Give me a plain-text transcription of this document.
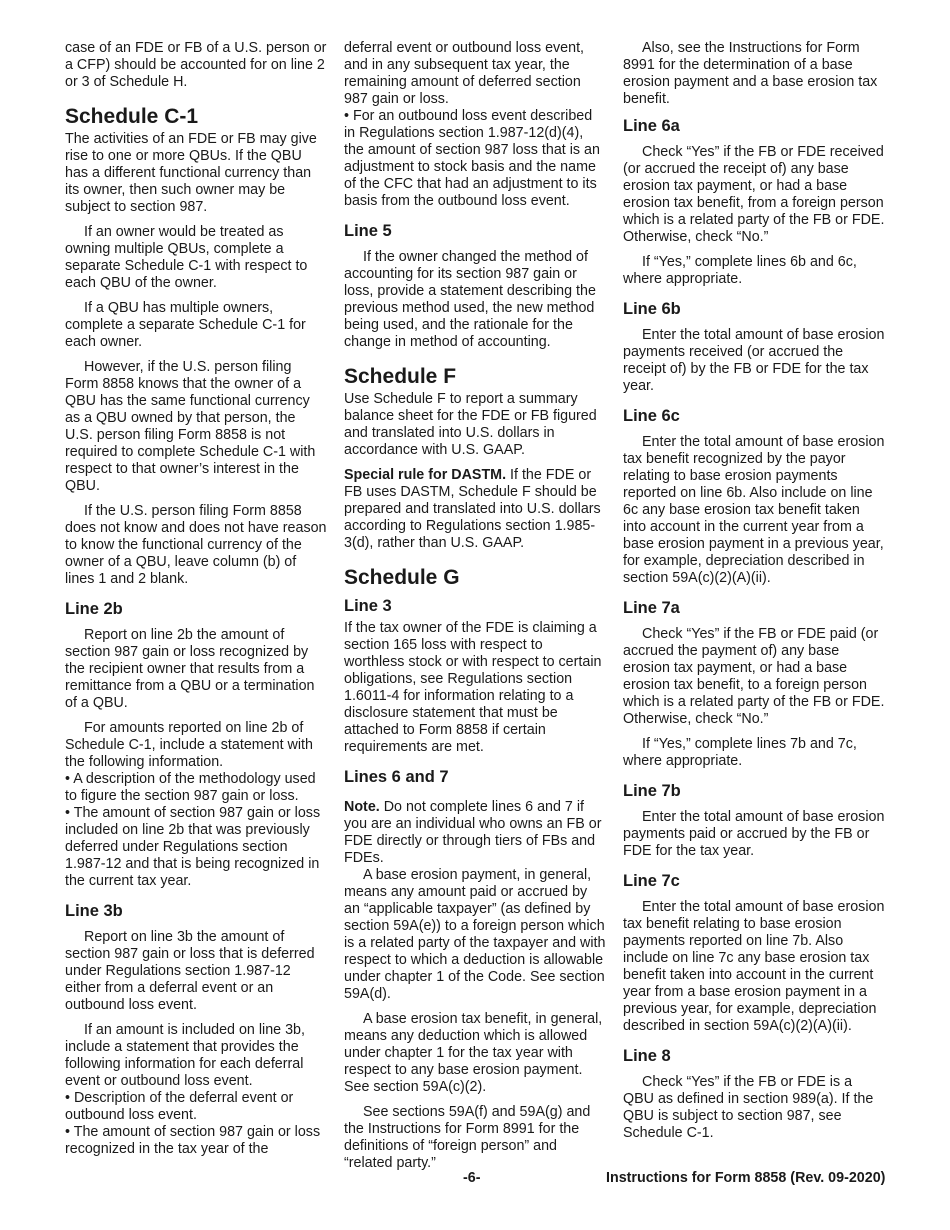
case of an FDE or FB of a U.S. person or a CFP) should be accounted for on line 2 or 3 of Schedule H.

Schedule C-1

The activities of an FDE or FB may give rise to one or more QBUs. If the QBU has a different functional currency than its owner, then such owner may be subject to section 987.

If an owner would be treated as owning multiple QBUs, complete a separate Schedule C-1 with respect to each QBU of the owner.

If a QBU has multiple owners, complete a separate Schedule C-1 for each owner.

However, if the U.S. person filing Form 8858 knows that the owner of a QBU has the same functional currency as a QBU owned by that person, the U.S. person filing Form 8858 is not required to complete Schedule C-1 with respect to that owner’s interest in the QBU.

If the U.S. person filing Form 8858 does not know and does not have reason to know the functional currency of the owner of a QBU, leave column (b) of lines 1 and 2 blank.

Line 2b

Report on line 2b the amount of section 987 gain or loss recognized by the recipient owner that results from a remittance from a QBU or a termination of a QBU.

For amounts reported on line 2b of Schedule C-1, include a statement with the following information.

• A description of the methodology used to figure the section 987 gain or loss.

• The amount of section 987 gain or loss included on line 2b that was previously deferred under Regulations section 1.987-12 and that is being recognized in the current tax year.

Line 3b

Report on line 3b the amount of section 987 gain or loss that is deferred under Regulations section 1.987-12 either from a deferral event or an outbound loss event.

If an amount is included on line 3b, include a statement that provides the following information for each deferral event or outbound loss event.

• Description of the deferral event or outbound loss event.

• The amount of section 987 gain or loss recognized in the tax year of the

deferral event or outbound loss event, and in any subsequent tax year, the remaining amount of deferred section 987 gain or loss.

• For an outbound loss event described in Regulations section 1.987-12(d)(4), the amount of section 987 loss that is an adjustment to stock basis and the name of the CFC that had an adjustment to its basis from the outbound loss event.

Line 5

If the owner changed the method of accounting for its section 987 gain or loss, provide a statement describing the previous method used, the new method being used, and the rationale for the change in method of accounting.

Schedule F

Use Schedule F to report a summary balance sheet for the FDE or FB figured and translated into U.S. dollars in accordance with U.S. GAAP.

Special rule for DASTM. If the FDE or FB uses DASTM, Schedule F should be prepared and translated into U.S. dollars according to Regulations section 1.985-3(d), rather than U.S. GAAP.

Schedule G
Line 3

If the tax owner of the FDE is claiming a section 165 loss with respect to worthless stock or with respect to certain obligations, see Regulations section 1.6011-4 for information relating to a disclosure statement that must be attached to Form 8858 if certain requirements are met.

Lines 6 and 7

Note. Do not complete lines 6 and 7 if you are an individual who owns an FB or FDE directly or through tiers of FBs and FDEs.

A base erosion payment, in general, means any amount paid or accrued by an “applicable taxpayer” (as defined by section 59A(e)) to a foreign person which is a related party of the taxpayer and with respect to which a deduction is allowable under chapter 1 of the Code. See section 59A(d).

A base erosion tax benefit, in general, means any deduction which is allowed under chapter 1 for the tax year with respect to any base erosion payment. See section 59A(c)(2).

See sections 59A(f) and 59A(g) and the Instructions for Form 8991 for the definitions of “foreign person” and “related party.”

Also, see the Instructions for Form 8991 for the determination of a base erosion payment and a base erosion tax benefit.

Line 6a

Check “Yes” if the FB or FDE received (or accrued the receipt of) any base erosion tax payment, or had a base erosion tax benefit, from a foreign person which is a related party of the FB or FDE. Otherwise, check “No.”

If “Yes,” complete lines 6b and 6c, where appropriate.

Line 6b

Enter the total amount of base erosion payments received (or accrued the receipt of) by the FB or FDE for the tax year.

Line 6c

Enter the total amount of base erosion tax benefit recognized by the payor relating to base erosion payments reported on line 6b. Also include on line 6c any base erosion tax benefit taken into account in the current year from a base erosion payment in a previous year, for example, depreciation described in section 59A(c)(2)(A)(ii).

Line 7a

Check “Yes” if the FB or FDE paid (or accrued the payment of) any base erosion tax payment, or had a base erosion tax benefit, to a foreign person which is a related party of the FB or FDE. Otherwise, check “No.”

If “Yes,” complete lines 7b and 7c, where appropriate.

Line 7b

Enter the total amount of base erosion payments paid or accrued by the FB or FDE for the tax year.

Line 7c

Enter the total amount of base erosion tax benefit relating to base erosion payments reported on line 7b. Also include on line 7c any base erosion tax benefit taken into account in the current year from a base erosion payment in a previous year, for example, depreciation described in section 59A(c)(2)(A)(ii).

Line 8

Check “Yes” if the FB or FDE is a QBU as defined in section 989(a). If the QBU is subject to section 987, see Schedule C-1.

-6-	Instructions for Form 8858 (Rev. 09-2020)
